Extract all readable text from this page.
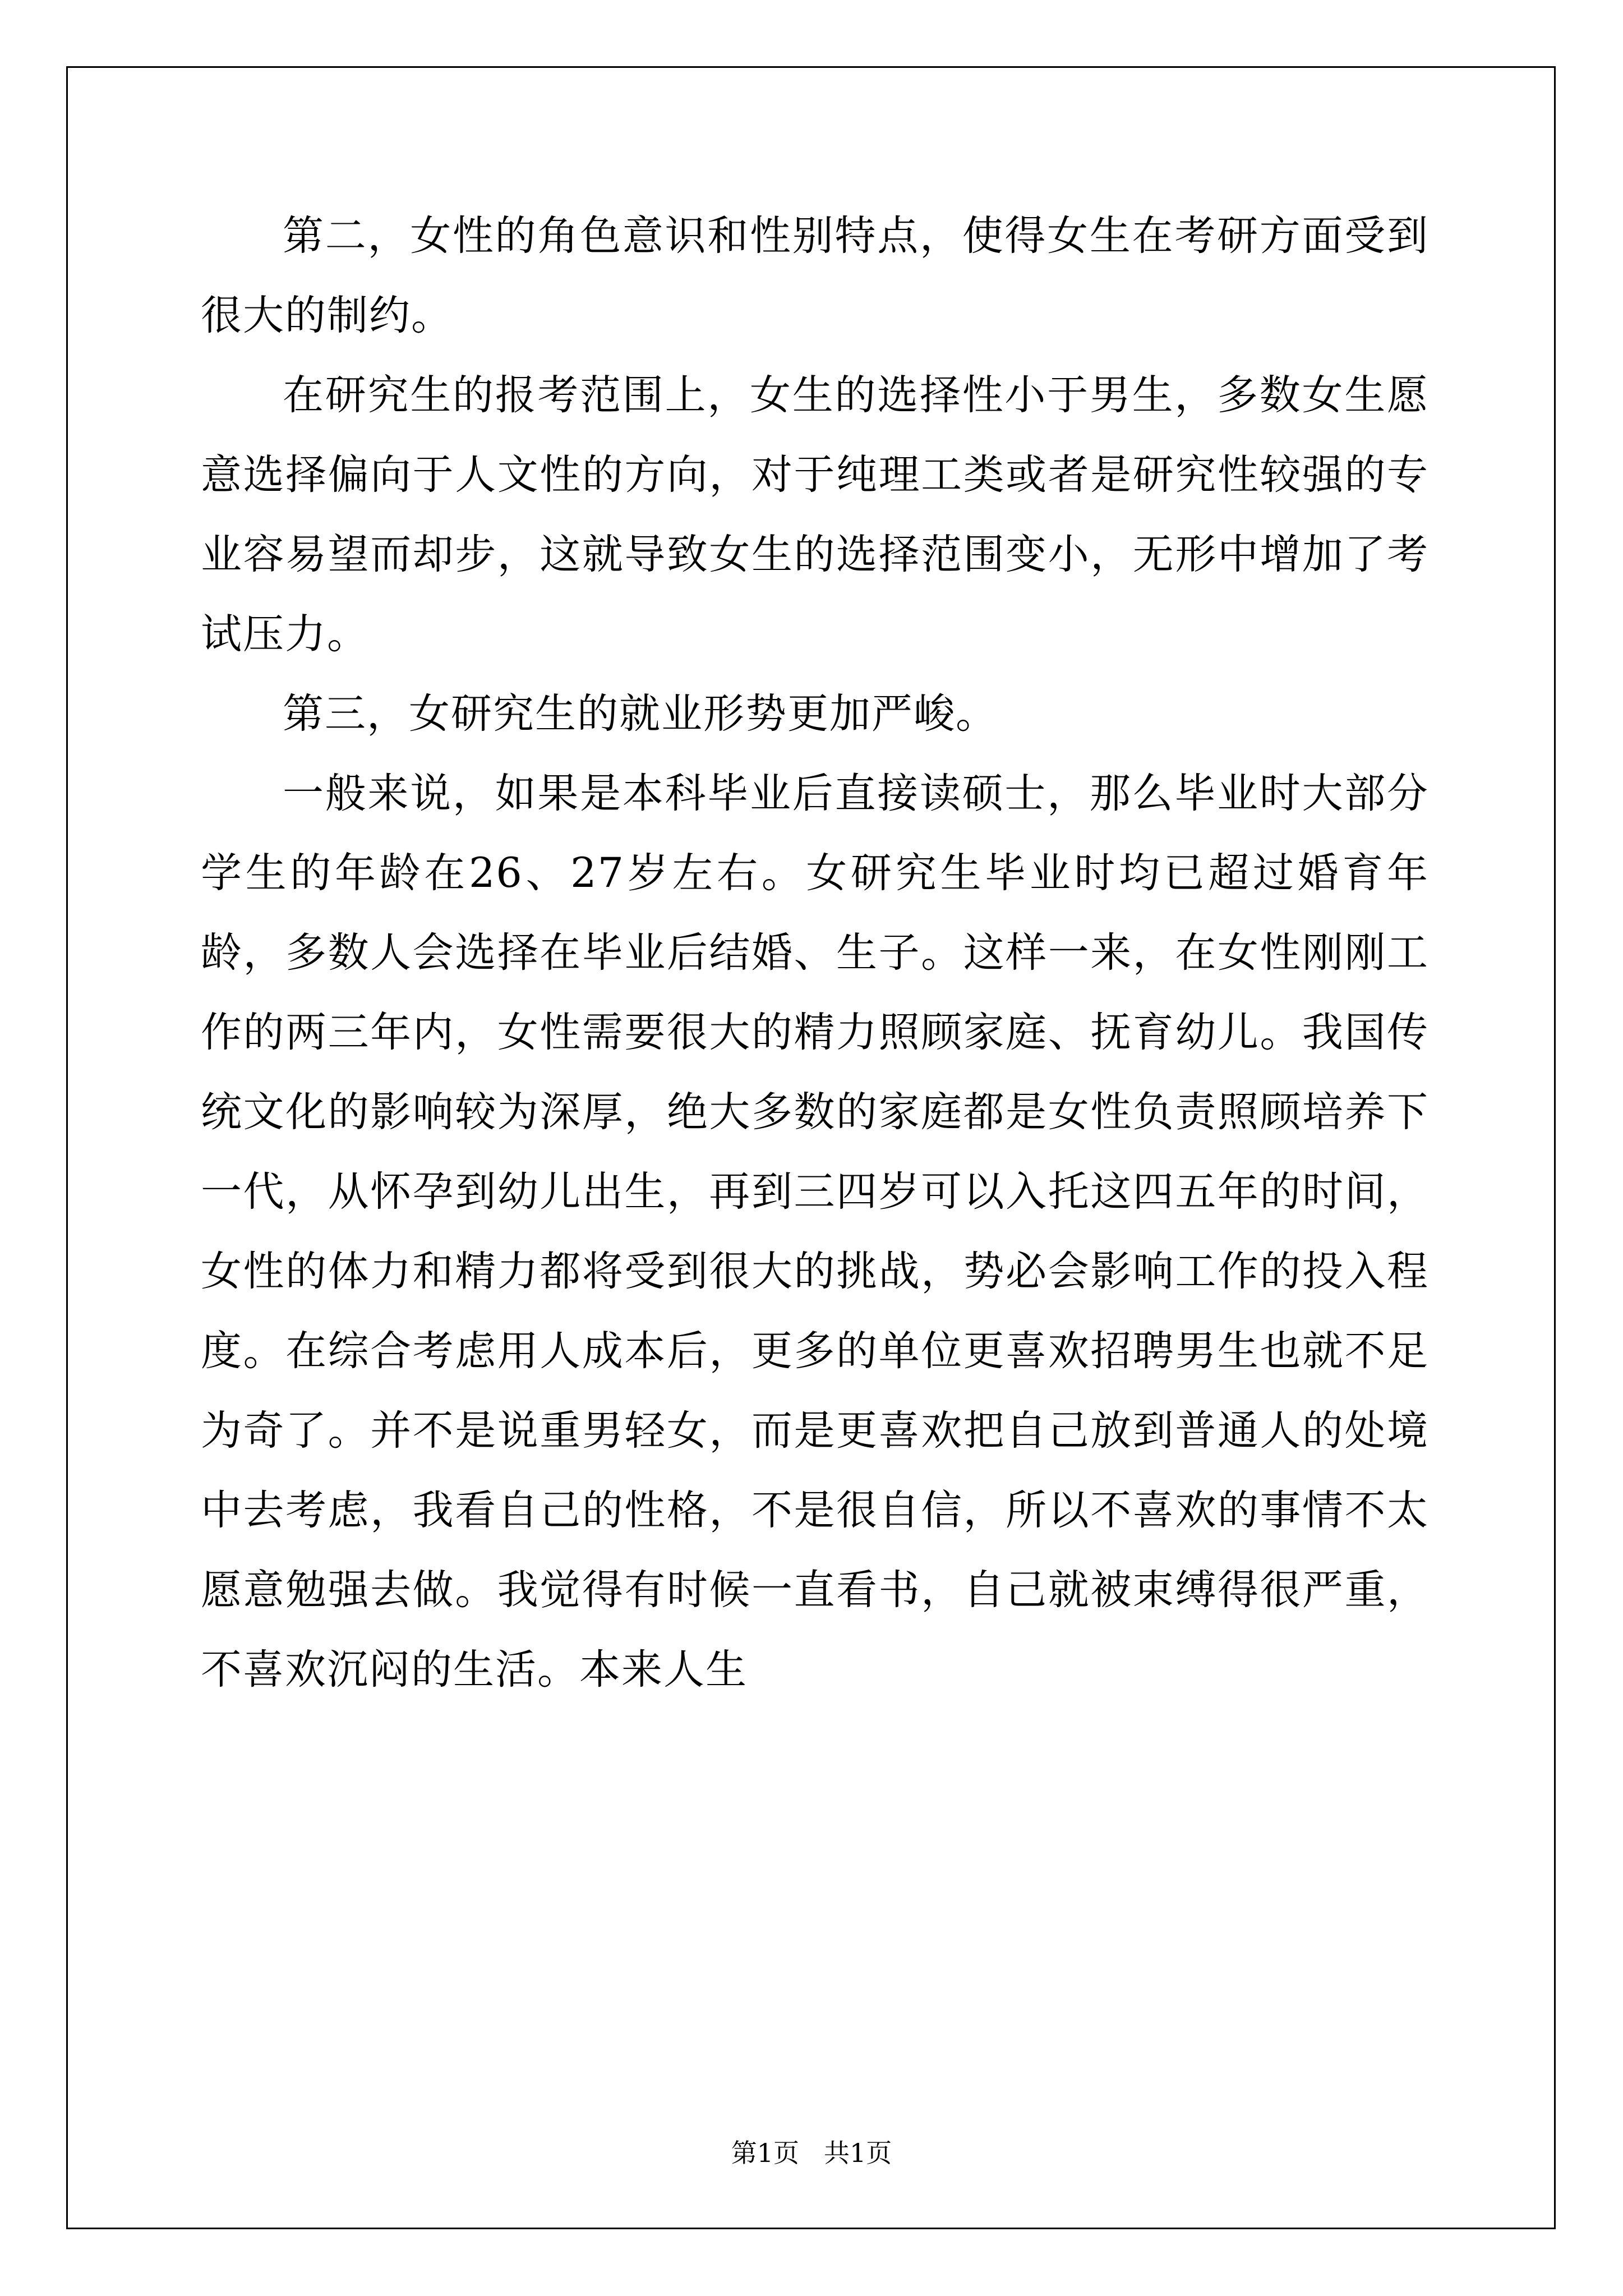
第二，女性的角色意识和性别特点，使得女生在考研方面受到很大的制约。

在研究生的报考范围上，女生的选择性小于男生，多数女生愿意选择偏向于人文性的方向，对于纯理工类或者是研究性较强的专业容易望而却步，这就导致女生的选择范围变小，无形中增加了考试压力。

第三，女研究生的就业形势更加严峻。

一般来说，如果是本科毕业后直接读硕士，那么毕业时大部分学生的年龄在26、27岁左右。女研究生毕业时均已超过婚育年龄，多数人会选择在毕业后结婚、生子。这样一来，在女性刚刚工作的两三年内，女性需要很大的精力照顾家庭、抚育幼儿。我国传统文化的影响较为深厚，绝大多数的家庭都是女性负责照顾培养下一代，从怀孕到幼儿出生，再到三四岁可以入托这四五年的时间，女性的体力和精力都将受到很大的挑战，势必会影响工作的投入程度。在综合考虑用人成本后，更多的单位更喜欢招聘男生也就不足为奇了。并不是说重男轻女，而是更喜欢把自己放到普通人的处境中去考虑，我看自己的性格，不是很自信，所以不喜欢的事情不太愿意勉强去做。我觉得有时候一直看书，自己就被束缚得很严重，不喜欢沉闷的生活。本来人生

第1页 共1页
